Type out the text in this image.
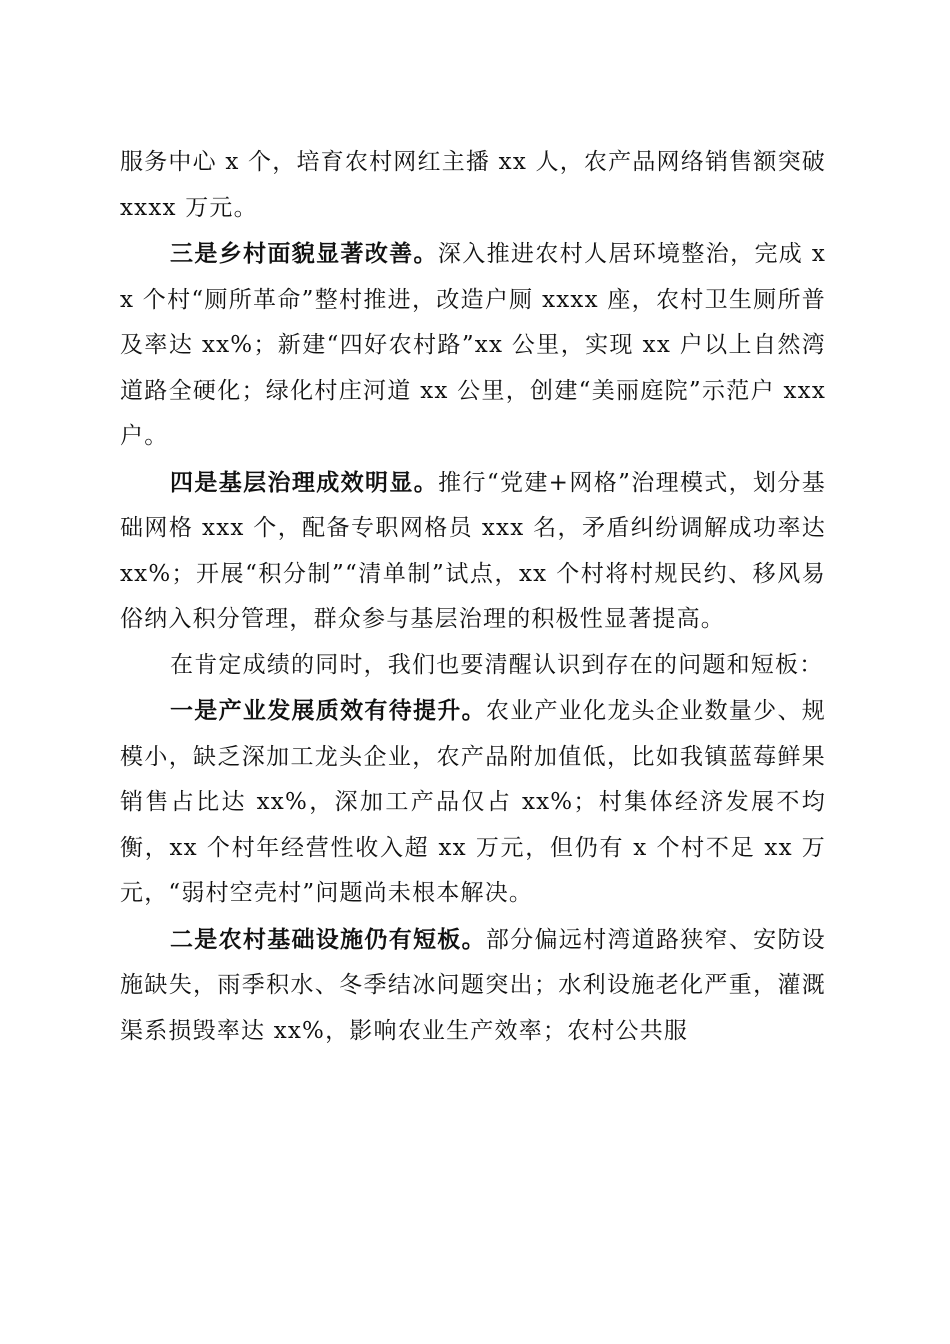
服务中心 x 个，培育农村网红主播 xx 人，农产品网络销售额突破 xxxx 万元。

三是乡村面貌显著改善。深入推进农村人居环境整治，完成 xx 个村“厕所革命”整村推进，改造户厕 xxxx 座，农村卫生厕所普及率达 xx%；新建“四好农村路”xx 公里，实现 xx 户以上自然湾道路全硬化；绿化村庄河道 xx 公里，创建“美丽庭院”示范户 xxx 户。

四是基层治理成效明显。推行“党建+网格”治理模式，划分基础网格 xxx 个，配备专职网格员 xxx 名，矛盾纠纷调解成功率达 xx%；开展“积分制”“清单制”试点，xx 个村将村规民约、移风易俗纳入积分管理，群众参与基层治理的积极性显著提高。

在肯定成绩的同时，我们也要清醒认识到存在的问题和短板：

一是产业发展质效有待提升。农业产业化龙头企业数量少、规模小，缺乏深加工龙头企业，农产品附加值低，比如我镇蓝莓鲜果销售占比达 xx%，深加工产品仅占 xx%；村集体经济发展不均衡，xx 个村年经营性收入超 xx 万元，但仍有 x 个村不足 xx 万元，“弱村空壳村”问题尚未根本解决。

二是农村基础设施仍有短板。部分偏远村湾道路狭窄、安防设施缺失，雨季积水、冬季结冰问题突出；水利设施老化严重，灌溉渠系损毁率达 xx%，影响农业生产效率；农村公共服
